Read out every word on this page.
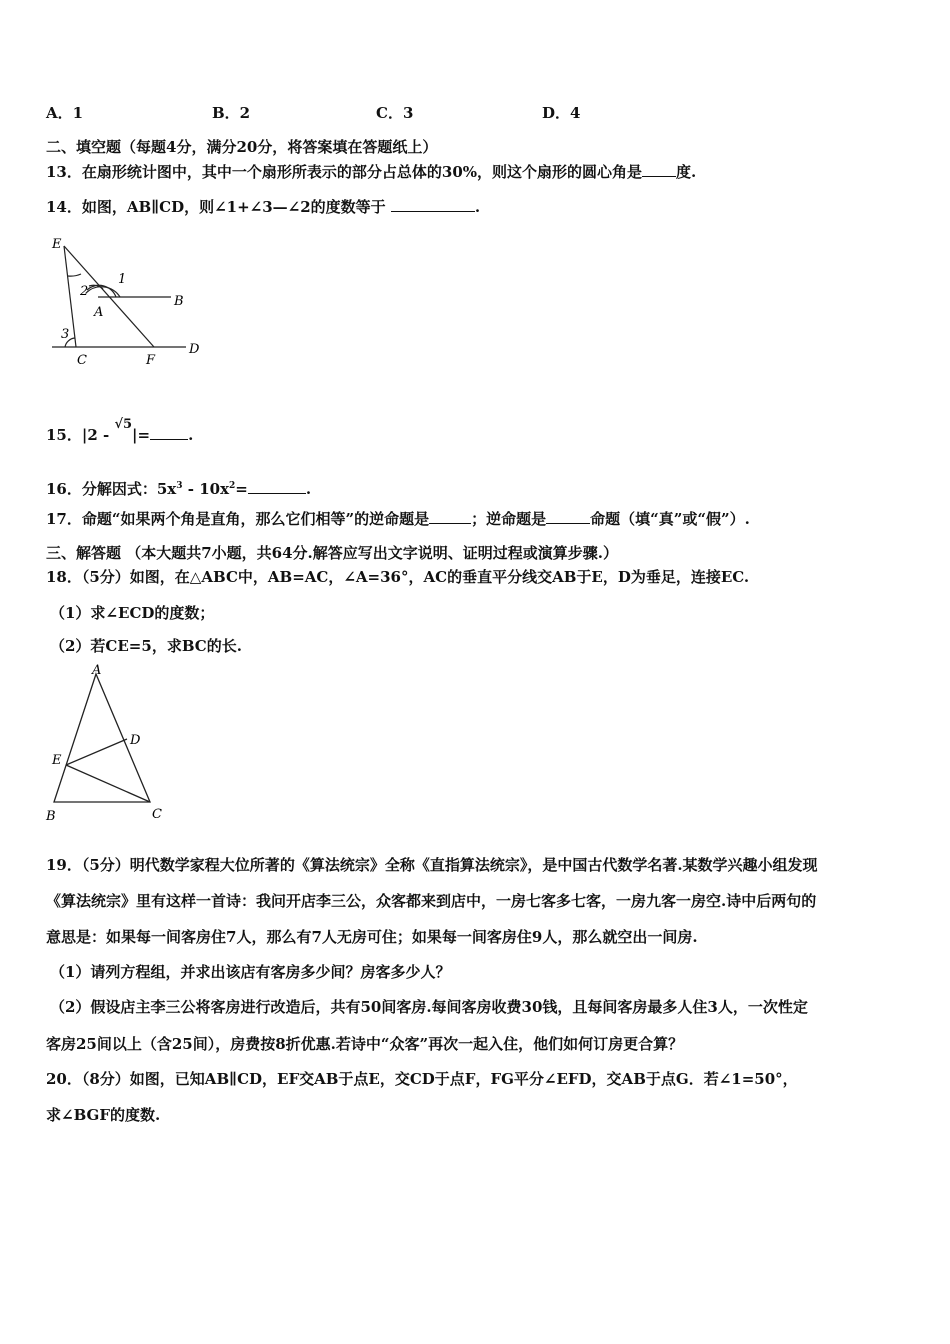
A．1	B．2	C．3	D．4
二、填空题（每题4分，满分20分，将答案填在答题纸上）
13．在扇形统计图中，其中一个扇形所表示的部分占总体的30%，则这个扇形的圆心角是 度.
14．如图，AB∥CD，则∠1+∠3—∠2的度数等于	.
E
1
2
A
B
3
C	F
D
15．|2 - √5|=	.
16．分解因式：$5x^3 - 10x^2=$	.
17．命题“如果两个角是直角，那么它们相等”的逆命题是	；逆命题是	命题（填“真”或“假”）.
三、解答题 （本大题共7小题，共64分.解答应写出文字说明、证明过程或演算步骤.）
18．（5分）如图，在△ABC中，AB=AC，∠A=36°，AC的垂直平分线交AB于E，D为垂足，连接EC.
（1）求∠ECD的度数；
（2）若CE=5，求BC的长.
A
D
E
B	C
19．（5分）明代数学家程大位所著的《算法统宗》全称《直指算法统宗》，是中国古代数学名著.某数学兴趣小组发现
《算法统宗》里有这样一首诗：我问开店李三公，众客都来到店中，一房七客多七客，一房九客一房空.诗中后两句的
意思是：如果每一间客房住7人，那么有7人无房可住；如果每一间客房住9人，那么就空出一间房.
（1）请列方程组，并求出该店有客房多少间？房客多少人？
（2）假设店主李三公将客房进行改造后，共有50间客房.每间客房收费30钱，且每间客房最多人住3人，一次性定
客房25间以上（含25间），房费按8折优惠.若诗中“众客”再次一起入住，他们如何订房更合算？
20．（8分）如图，已知AB∥CD，EF交AB于点E，交CD于点F，FG平分∠EFD，交AB于点G．若∠1=50°，
求∠BGF的度数.
